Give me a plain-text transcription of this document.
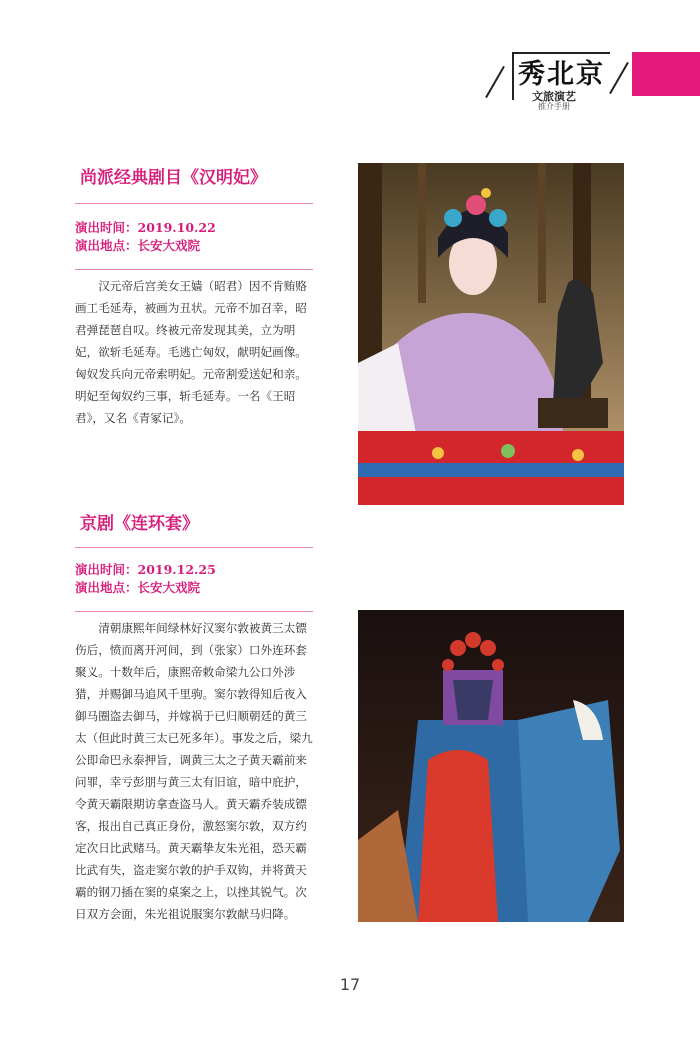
秀北京
文旅演艺
推介手册
尚派经典剧目《汉明妃》
演出时间：2019.10.22
演出地点：长安大戏院
汉元帝后宫美女王嫱（昭君）因不肯贿赂画工毛延寿，被画为丑状。元帝不加召幸，昭君弹琵琶自叹。终被元帝发现其美，立为明妃，欲斩毛延寿。毛逃亡匈奴，献明妃画像。匈奴发兵向元帝索明妃。元帝割爱送妃和亲。明妃至匈奴约三事，斩毛延寿。一名《王昭君》，又名《青冢记》。
京剧《连环套》
演出时间：2019.12.25
演出地点：长安大戏院
清朝康熙年间绿林好汉窦尔敦被黄三太镖伤后，愤而离开河间，到（张家）口外连环套聚义。十数年后，康熙帝敕命梁九公口外涉猎，并赐御马追风千里驹。窦尔敦得知后夜入御马圈盗去御马，并嫁祸于已归顺朝廷的黄三太（但此时黄三太已死多年）。事发之后，梁九公即命巴永泰押旨，调黄三太之子黄天霸前来问罪，幸亏彭朋与黄三太有旧谊，暗中庇护，令黄天霸限期访拿查盗马人。黄天霸乔装成镖客，报出自己真正身份，激怒窦尔敦，双方约定次日比武赌马。黄天霸挚友朱光祖，恐天霸比武有失，盗走窦尔敦的护手双钩，并将黄天霸的钢刀插在窦的桌案之上，以挫其锐气。次日双方会面，朱光祖说服窦尔敦献马归降。
17
